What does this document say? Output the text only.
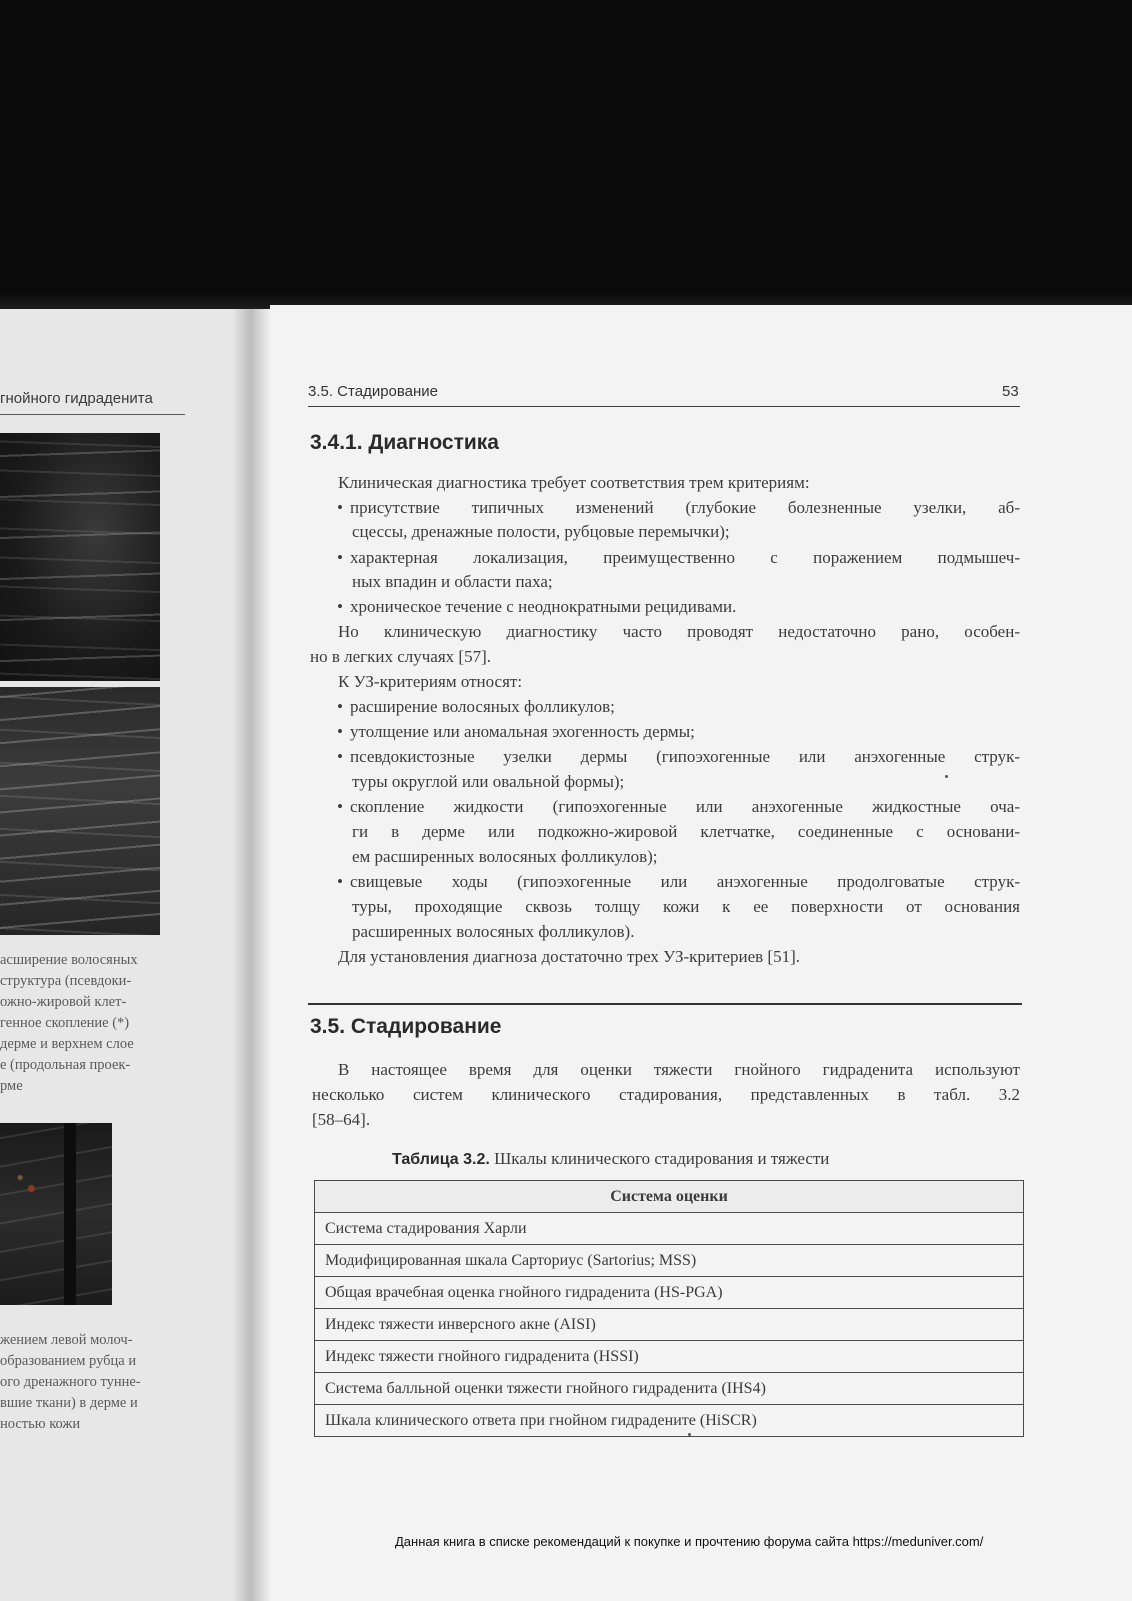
гнойного гидраденита
асширение волосяных
структура (псевдоки-
ожно-жировой клет-
генное скопление (*)
дерме и верхнем слое
е (продольная проек-
рме
жением левой молоч-
образованием рубца и
ого дренажного тунне-
вшие ткани) в дерме и
ностью кожи
3.5. Стадирование	53
3.4.1. Диагностика
Клиническая диагностика требует соответствия трем критериям:
• присутствие типичных изменений (глубокие болезненные узелки, аб-
сцессы, дренажные полости, рубцовые перемычки);
• характерная локализация, преимущественно с поражением подмышеч-
ных впадин и области паха;
• хроническое течение с неоднократными рецидивами.
Но клиническую диагностику часто проводят недостаточно рано, особен-
но в легких случаях [57].
К УЗ-критериям относят:
• расширение волосяных фолликулов;
• утолщение или аномальная эхогенность дермы;
• псевдокистозные узелки дермы (гипоэхогенные или анэхогенные струк-
туры округлой или овальной формы);
• скопление жидкости (гипоэхогенные или анэхогенные жидкостные оча-
ги в дерме или подкожно-жировой клетчатке, соединенные с основани-
ем расширенных волосяных фолликулов);
• свищевые ходы (гипоэхогенные или анэхогенные продолговатые струк-
туры, проходящие сквозь толщу кожи к ее поверхности от основания
расширенных волосяных фолликулов).
Для установления диагноза достаточно трех УЗ-критериев [51].
3.5. Стадирование
В настоящее время для оценки тяжести гнойного гидраденита используют
несколько систем клинического стадирования, представленных в табл. 3.2
[58–64].
Таблица 3.2. Шкалы клинического стадирования и тяжести
Система оценки
Система стадирования Харли
Модифицированная шкала Сарториус (Sartorius; MSS)
Общая врачебная оценка гнойного гидраденита (HS-PGA)
Индекс тяжести инверсного акне (AISI)
Индекс тяжести гнойного гидраденита (HSSI)
Система балльной оценки тяжести гнойного гидраденита (IHS4)
Шкала клинического ответа при гнойном гидрадените (HiSCR)
Данная книга в списке рекомендаций к покупке и прочтению форума сайта https://meduniver.com/
